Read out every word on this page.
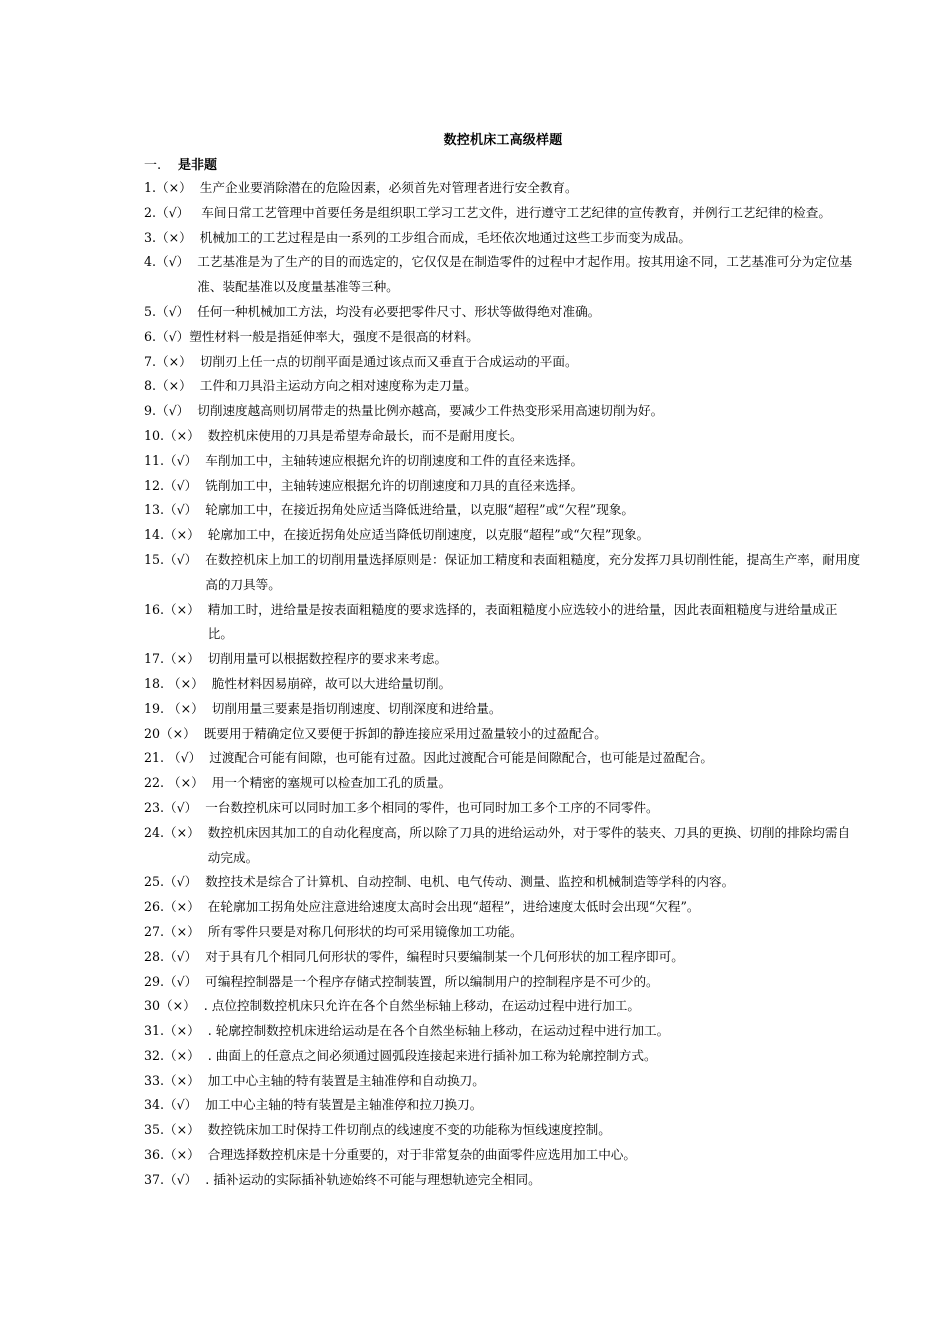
数控机床工高级样题
一. 是非题
1.（×） 生产企业要消除潜在的危险因素，必须首先对管理者进行安全教育。
2.（√） 车间日常工艺管理中首要任务是组织职工学习工艺文件，进行遵守工艺纪律的宣传教育，并例行工艺纪律的检查。
3.（×） 机械加工的工艺过程是由一系列的工步组合而成，毛坯依次地通过这些工步而变为成品。
4.（√） 工艺基准是为了生产的目的而选定的，它仅仅是在制造零件的过程中才起作用。按其用途不同，工艺基准可分为定位基准、装配基准以及度量基准等三种。
5.（√） 任何一种机械加工方法，均没有必要把零件尺寸、形状等做得绝对准确。
6.（√） 塑性材料一般是指延伸率大，强度不是很高的材料。
7.（×） 切削刃上任一点的切削平面是通过该点而又垂直于合成运动的平面。
8.（×） 工件和刀具沿主运动方向之相对速度称为走刀量。
9.（√） 切削速度越高则切屑带走的热量比例亦越高，要减少工件热变形采用高速切削为好。
10.（×） 数控机床使用的刀具是希望寿命最长，而不是耐用度长。
11.（√） 车削加工中，主轴转速应根据允许的切削速度和工件的直径来选择。
12.（√） 铣削加工中，主轴转速应根据允许的切削速度和刀具的直径来选择。
13.（√） 轮廓加工中，在接近拐角处应适当降低进给量，以克服“超程”或“欠程”现象。
14.（×） 轮廓加工中，在接近拐角处应适当降低切削速度，以克服“超程”或“欠程”现象。
15.（√） 在数控机床上加工的切削用量选择原则是：保证加工精度和表面粗糙度，充分发挥刀具切削性能，提高生产率，耐用度高的刀具等。
16.（×） 精加工时，进给量是按表面粗糙度的要求选择的，表面粗糙度小应选较小的进给量，因此表面粗糙度与进给量成正比。
17.（×） 切削用量可以根据数控程序的要求来考虑。
18. （×） 脆性材料因易崩碎，故可以大进给量切削。
19. （×） 切削用量三要素是指切削速度、切削深度和进给量。
20（×） 既要用于精确定位又要便于拆卸的静连接应采用过盈量较小的过盈配合。
21. （√） 过渡配合可能有间隙，也可能有过盈。因此过渡配合可能是间隙配合，也可能是过盈配合。
22. （×） 用一个精密的塞规可以检查加工孔的质量。
23.（√） 一台数控机床可以同时加工多个相同的零件，也可同时加工多个工序的不同零件。
24.（×） 数控机床因其加工的自动化程度高，所以除了刀具的进给运动外，对于零件的装夹、刀具的更换、切削的排除均需自动完成。
25.（√） 数控技术是综合了计算机、自动控制、电机、电气传动、测量、监控和机械制造等学科的内容。
26.（×） 在轮廓加工拐角处应注意进给速度太高时会出现“超程”，进给速度太低时会出现“欠程”。
27.（×） 所有零件只要是对称几何形状的均可采用镜像加工功能。
28.（√） 对于具有几个相同几何形状的零件，编程时只要编制某一个几何形状的加工程序即可。
29.（√） 可编程控制器是一个程序存储式控制装置，所以编制用户的控制程序是不可少的。
30（×） . 点位控制数控机床只允许在各个自然坐标轴上移动，在运动过程中进行加工。
31.（×） . 轮廓控制数控机床进给运动是在各个自然坐标轴上移动，在运动过程中进行加工。
32.（×） . 曲面上的任意点之间必须通过圆弧段连接起来进行插补加工称为轮廓控制方式。
33.（×） 加工中心主轴的特有装置是主轴准停和自动换刀。
34.（√） 加工中心主轴的特有装置是主轴准停和拉刀换刀。
35.（×） 数控铣床加工时保持工件切削点的线速度不变的功能称为恒线速度控制。
36.（×） 合理选择数控机床是十分重要的，对于非常复杂的曲面零件应选用加工中心。
37.（√） . 插补运动的实际插补轨迹始终不可能与理想轨迹完全相同。
